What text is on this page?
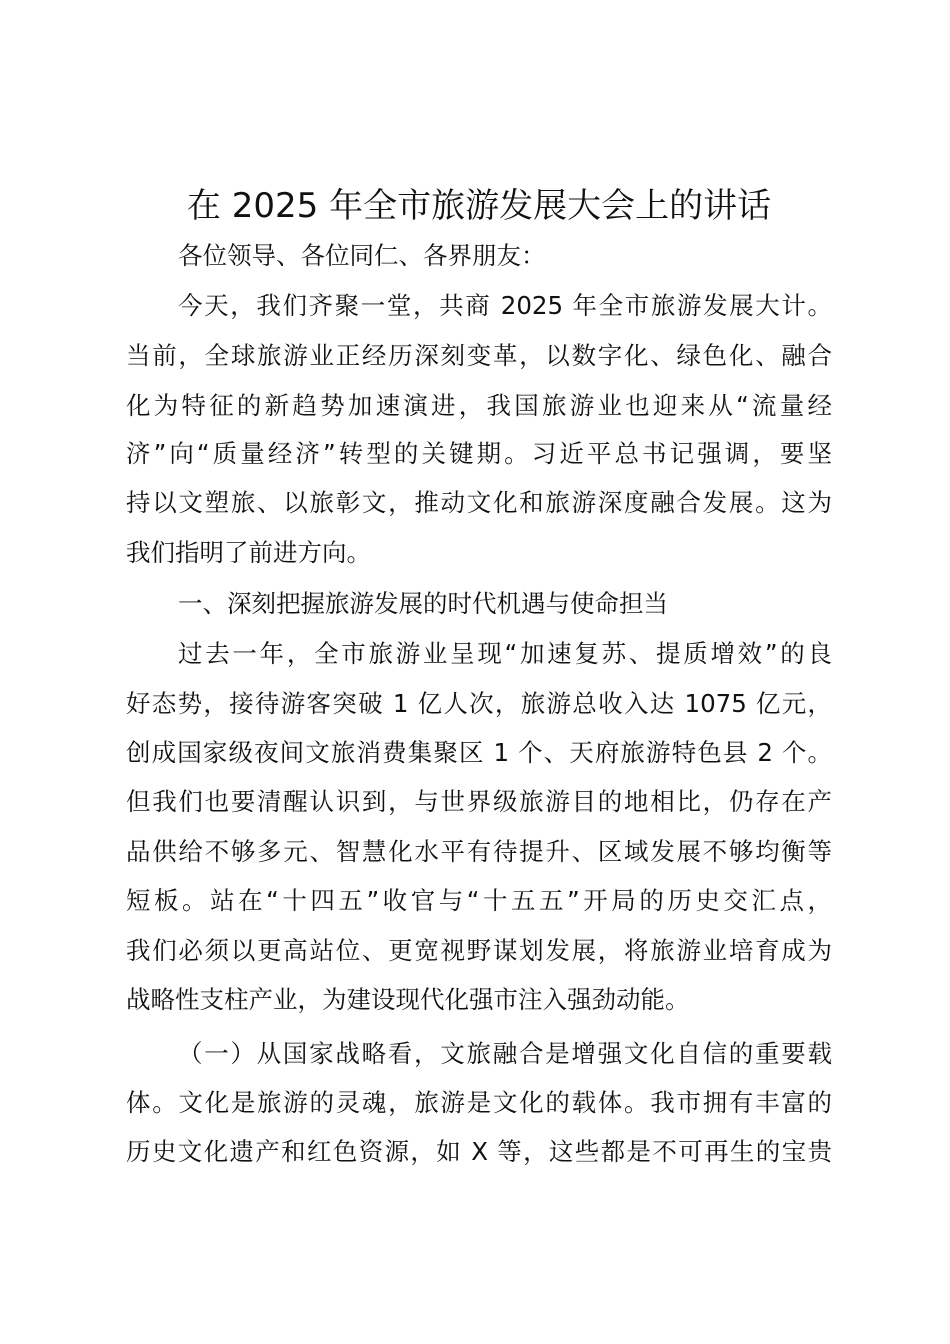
在 2025 年全市旅游发展大会上的讲话
各位领导、各位同仁、各界朋友：
今天，我们齐聚一堂，共商 2025 年全市旅游发展大计。
当前，全球旅游业正经历深刻变革，以数字化、绿色化、融合
化为特征的新趋势加速演进，我国旅游业也迎来从“流量经
济”向“质量经济”转型的关键期。习近平总书记强调，要坚
持以文塑旅、以旅彰文，推动文化和旅游深度融合发展。这为
我们指明了前进方向。
一、深刻把握旅游发展的时代机遇与使命担当
过去一年，全市旅游业呈现“加速复苏、提质增效”的良
好态势，接待游客突破 1 亿人次，旅游总收入达 1075 亿元，
创成国家级夜间文旅消费集聚区 1 个、天府旅游特色县 2 个。
但我们也要清醒认识到，与世界级旅游目的地相比，仍存在产
品供给不够多元、智慧化水平有待提升、区域发展不够均衡等
短板。站在“十四五”收官与“十五五”开局的历史交汇点，
我们必须以更高站位、更宽视野谋划发展，将旅游业培育成为
战略性支柱产业，为建设现代化强市注入强劲动能。
（一）从国家战略看，文旅融合是增强文化自信的重要载
体。文化是旅游的灵魂，旅游是文化的载体。我市拥有丰富的
历史文化遗产和红色资源，如 X 等，这些都是不可再生的宝贵
